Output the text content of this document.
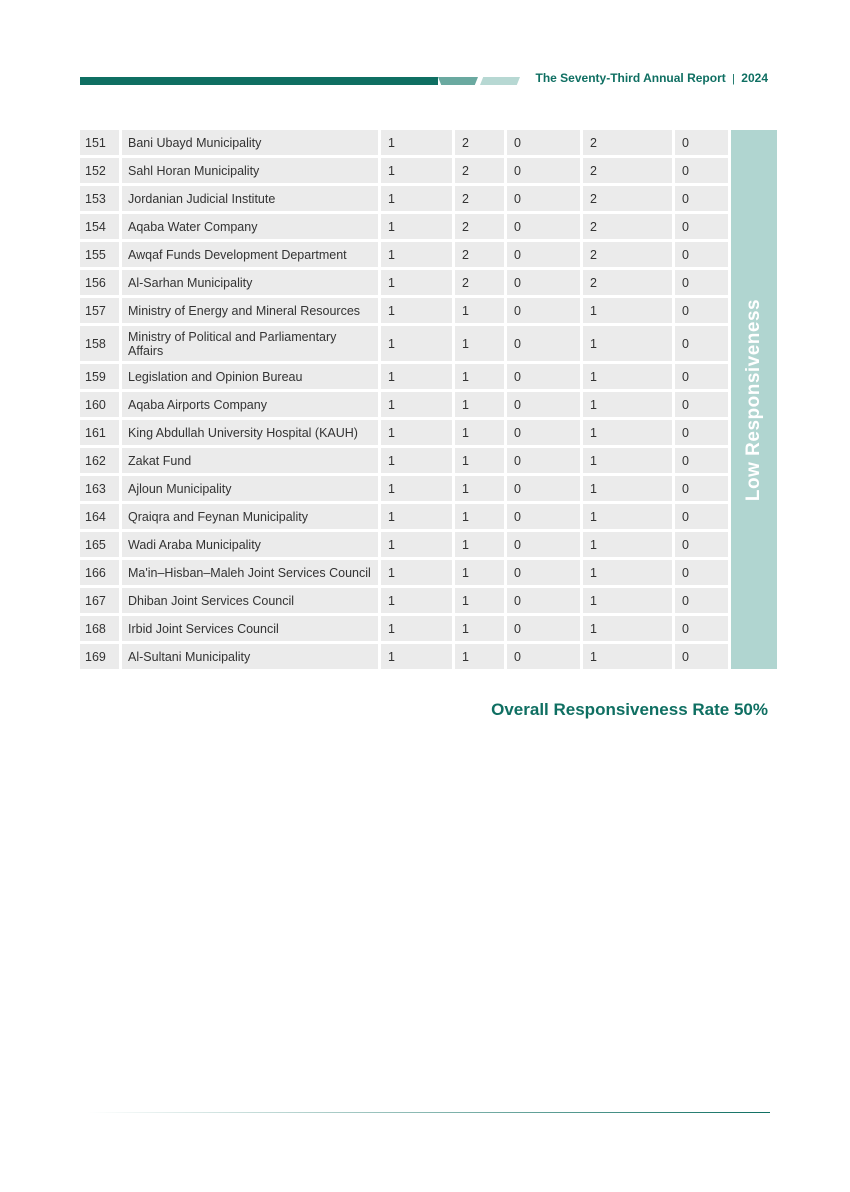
The Seventy-Third Annual Report | 2024
151	Bani Ubayd Municipality	1	2	0	2	0	Low Responsiveness

152	Sahl Horan Municipality	1	2	0	2	0	
153	Jordanian Judicial Institute	1	2	0	2	0	
154	Aqaba Water Company	1	2	0	2	0	
155	Awqaf Funds Development Department	1	2	0	2	0	
156	Al-Sarhan Municipality	1	2	0	2	0	
157	Ministry of Energy and Mineral Resources	1	1	0	1	0	
158	Ministry of Political and Parliamentary Affairs	1	1	0	1	0	
159	Legislation and Opinion Bureau	1	1	0	1	0	
160	Aqaba Airports Company	1	1	0	1	0	
161	King Abdullah University Hospital (KAUH)	1	1	0	1	0	
162	Zakat Fund	1	1	0	1	0	
163	Ajloun Municipality	1	1	0	1	0	
164	Qraiqra and Feynan Municipality	1	1	0	1	0	
165	Wadi Araba Municipality	1	1	0	1	0	
166	Ma'in–Hisban–Maleh Joint Services Council	1	1	0	1	0	
167	Dhiban Joint Services Council	1	1	0	1	0	
168	Irbid Joint Services Council	1	1	0	1	0	
169	Al-Sultani Municipality	1	1	0	1	0	
Overall Responsiveness Rate 50%
